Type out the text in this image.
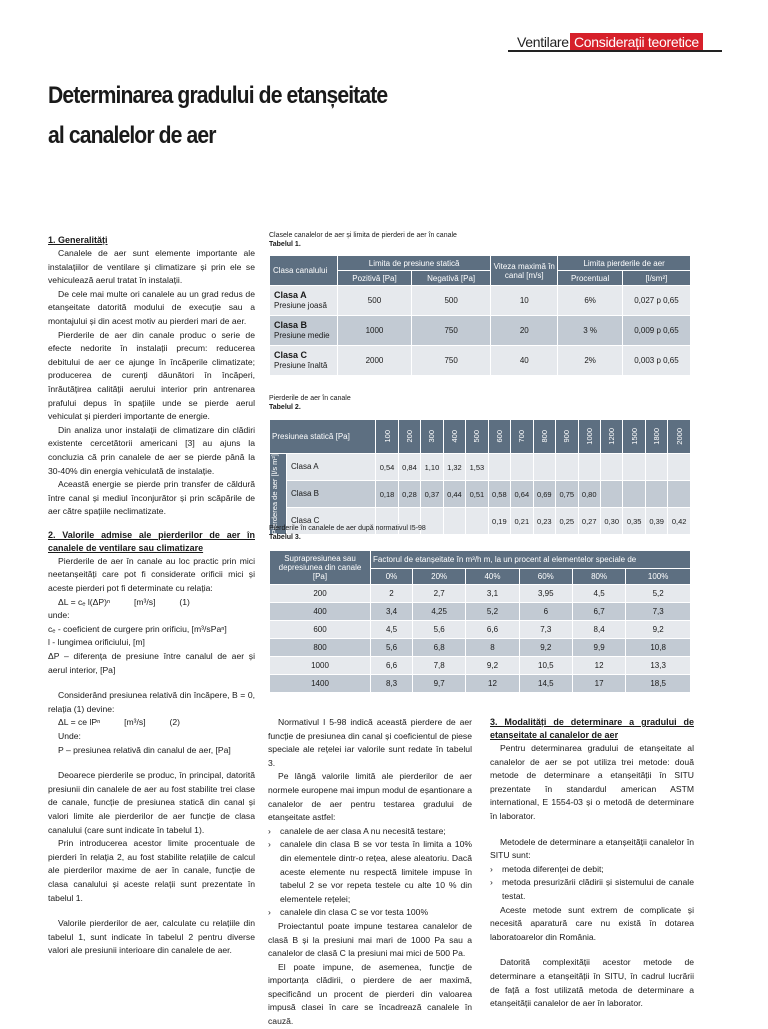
Ventilare Considerații teoretice
Determinarea gradului de etanșeitate
al canalelor de aer
1. Generalități

Canalele de aer sunt elemente importante ale instalațiilor de ventilare și climatizare și prin ele se vehiculează aerul tratat în instalații.

De cele mai multe ori canalele au un grad redus de etanșeitate datorită modului de execuție sau a montajului și din acest motiv au pierderi mari de aer.

Pierderile de aer din canale produc o serie de efecte nedorite în instalații precum: reducerea debitului de aer ce ajunge în încăperile climatizate; producerea de curenți dăunători în încăperi, înrăutățirea calității aerului interior prin antrenarea prafului depus în spațiile unde se pierde aerul vehiculat și pierderi importante de energie.

Din analiza unor instalații de climatizare din clădiri existente cercetătorii americani [3] au ajuns la concluzia că prin canalele de aer se pierde până la 30-40% din energia vehiculată de instalație.

Această energie se pierde prin transfer de căldură între canal și mediul înconjurător și prin scăpările de aer către spațiile neclimatizate.

2. Valorile admise ale pierderilor de aer în canalele de ventilare sau climatizare

Pierderile de aer în canale au loc practic prin mici neetanșeități care pot fi considerate orificii mici și aceste pierderi pot fi determinate cu relația:

ΔL = cₑ l(ΔP)ⁿ          [m³/s]          (1)

unde:

cₑ - coeficient de curgere prin orificiu, [m³/sPaⁿ]

l - lungimea orificiului, [m]

ΔP – diferența de presiune între canalul de aer și aerul interior, [Pa]

Considerând presiunea relativă din încăpere, B = 0, relația (1) devine:

ΔL = ce lPⁿ          [m³/s]          (2)

Unde:

P – presiunea relativă din canalul de aer, [Pa]

Deoarece pierderile se produc, în principal, datorită presiunii din canalele de aer au fost stabilite trei clase de canale, funcție de presiunea statică din canal și valori limite ale pierderilor de aer funcție de clasa canalului (care sunt indicate în tabelul 1).

Prin introducerea acestor limite procentuale de pierderi în relația 2, au fost stabilite relațiile de calcul ale pierderilor maxime de aer în canale, funcție de clasa canalului și aceste relații sunt prezentate în tabelul 1.

Valorile pierderilor de aer, calculate cu relațiile din tabelul 1, sunt indicate în tabelul 2 pentru diverse valori ale presiunii interioare din canalele de aer.

Clasele canalelor de aer și limita de pierderi de aer în canale
Tabelul 1.
Clasa canalului	Limita de presiune statică		Viteza maximă în canal [m/s]	Limita pierderile de aer	
	Pozitivă [Pa]	Negativă [Pa]		Procentual	[l/sm²]
Clasa A
Presiune joasă	500	500	10	6%	0,027 p 0,65
Clasa B
Presiune medie	1000	750	20	3 %	0,009 p 0,65
Clasa C
Presiune înaltă	2000	750	40	2%	0,003 p 0,65
Pierderile de aer în canale
Tabelul 2.
Presiunea statică [Pa]		100	200	300	400	500	600	700	800	900	1000	1200	1500	1800	2000

Pierderea de aer [l/s m²]	Clasa A	0,54	0,84	1,10	1,32	1,53									
	Clasa B	0,18	0,28	0,37	0,44	0,51	0,58	0,64	0,69	0,75	0,80				
	Clasa C						0,19	0,21	0,23	0,25	0,27	0,30	0,35	0,39	0,42
Pierderile în canalele de aer după normativul I5-98
Tabelul 3.
Suprapresiunea sau depresiunea din canale [Pa]	Factorul de etanșeitate în m³/h m, la un procent al elementelor speciale de					
	0%	20%	40%	60%	80%	100%
200	2	2,7	3,1	3,95	4,5	5,2
400	3,4	4,25	5,2	6	6,7	7,3
600	4,5	5,6	6,6	7,3	8,4	9,2
800	5,6	6,8	8	9,2	9,9	10,8
1000	6,6	7,8	9,2	10,5	12	13,3
1400	8,3	9,7	12	14,5	17	18,5

Normativul I 5-98 indică această pierdere de aer funcție de presiunea din canal și coeficientul de piese speciale ale rețelei iar valorile sunt redate în tabelul 3.

Pe lângă valorile limită ale pierderilor de aer normele europene mai impun modul de eșantionare a canalelor de aer pentru testarea gradului de etanșeitate astfel:

› canalele de aer clasa A nu necesită testare;
› canalele din clasa B se vor testa în limita a 10% din elementele dintr-o rețea, alese aleatoriu. Dacă aceste elemente nu respectă limitele impuse în tabelul 2 se vor repeta testele cu alte 10 % din elementele rețelei;
› canalele din clasa C se vor testa 100%

Proiectantul poate impune testarea canalelor de clasă B și la presiuni mai mari de 1000 Pa sau a canalelor de clasă C la presiuni mai mici de 500 Pa.

El poate impune, de asemenea, funcție de importanța clădirii, o pierdere de aer maximă, specificând un procent de pierderi din valoarea impusă clasei în care se încadrează canalele în cauză.

3. Modalități de determinare a gradului de etanșeitate al canalelor de aer

Pentru determinarea gradului de etanșeitate al canalelor de aer se pot utiliza trei metode: două metode de determinare a etanșeității în SITU prezentate în standardul american ASTM international, E 1554-03 și o metodă de determinare în laborator.

Metodele de determinare a etanșeității canalelor în SITU sunt:

› metoda diferenței de debit;
› metoda presurizării clădirii și sistemului de canale testat.

Aceste metode sunt extrem de complicate și necesită aparatură care nu există în dotarea laboratoarelor din România.

Datorită complexității acestor metode de determinare a etanșeității în SITU, în cadrul lucrării de față a fost utilizată metoda de determinare a etanșeității canalelor de aer în laborator.
